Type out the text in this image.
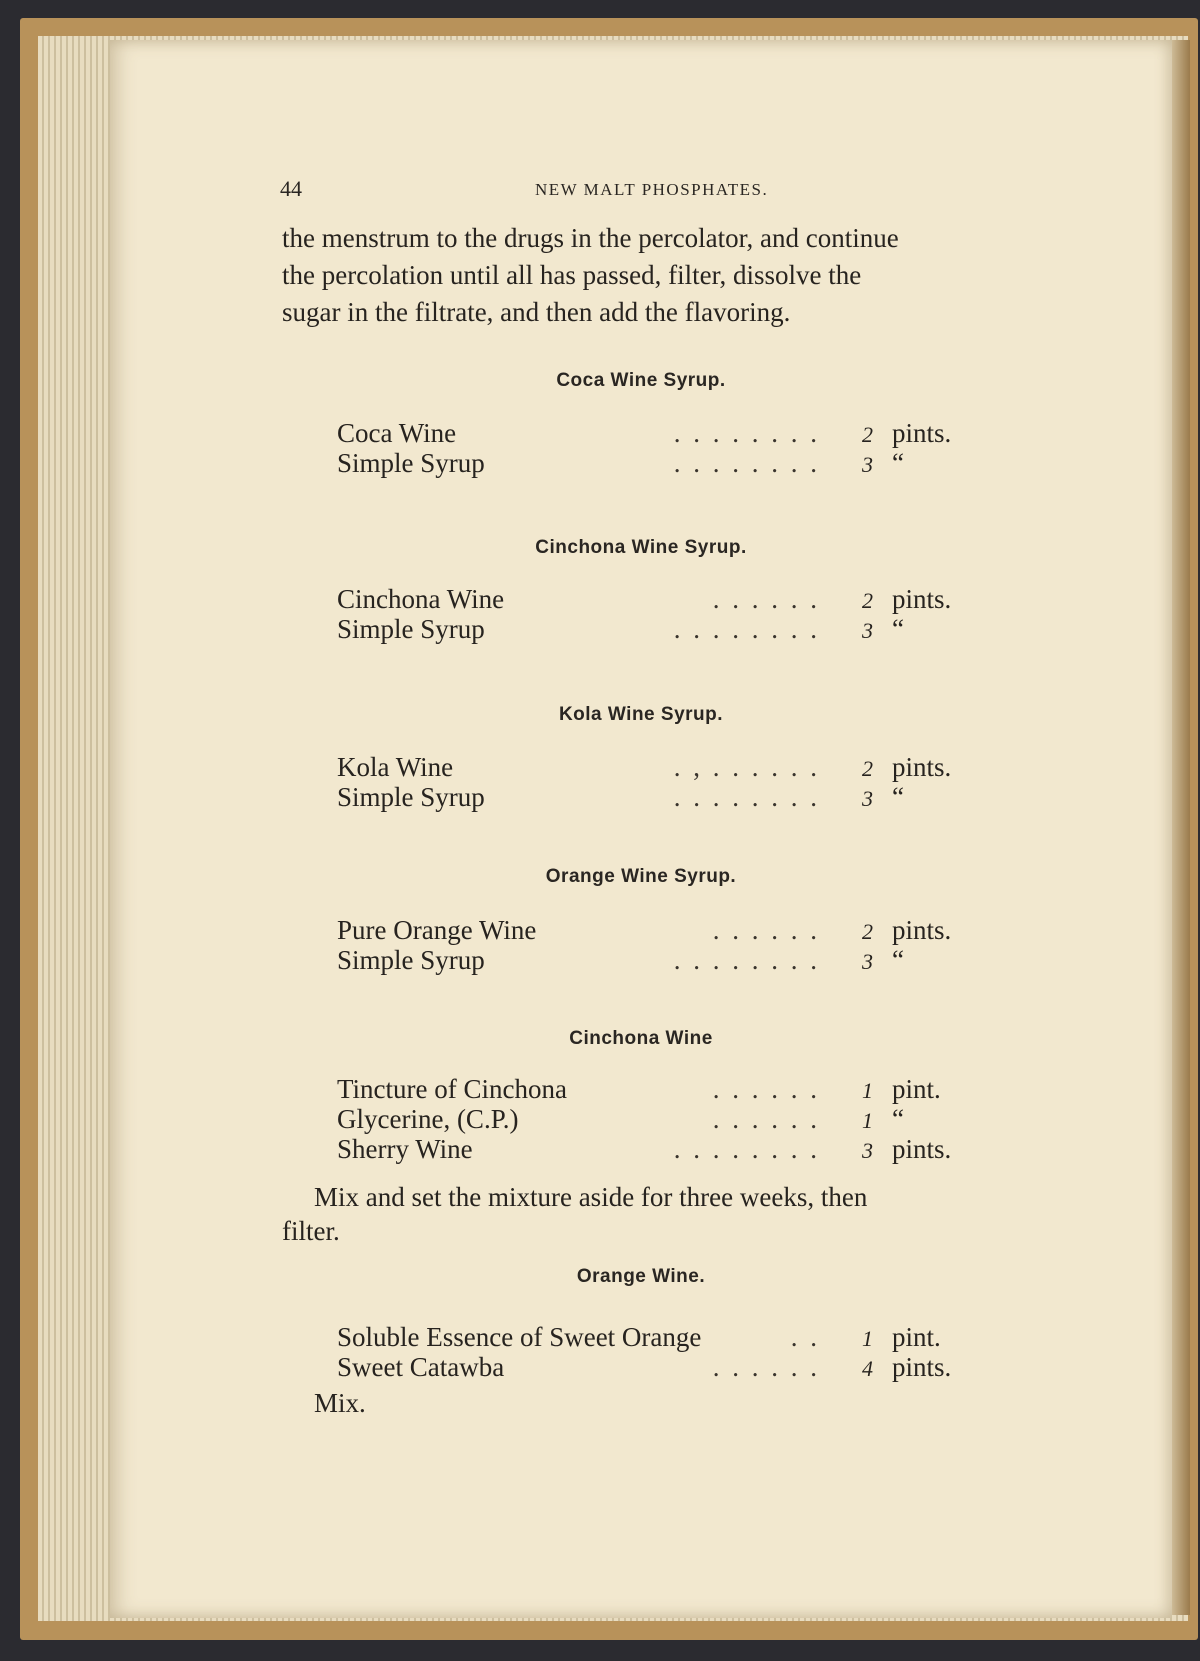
44	NEW MALT PHOSPHATES.
the menstrum to the drugs in the percolator, and continue
the percolation until all has passed, filter, dissolve the
sugar in the filtrate, and then add the flavoring.
Coca Wine Syrup.
Coca Wine	. . . . . . . . 2 pints.
Simple Syrup	. . . . . . . . 3 “
Cinchona Wine Syrup.
Cinchona Wine	. . . . . . 2 pints.
Simple Syrup	. . . . . . . . 3 “
Kola Wine Syrup.
Kola Wine	. , . . . . . . 2 pints.
Simple Syrup	. . . . . . . . 3 “
Orange Wine Syrup.
Pure Orange Wine	. . . . . . 2 pints.
Simple Syrup	. . . . . . . . 3 “
Cinchona Wine
Tincture of Cinchona	. . . . . . 1 pint.
Glycerine, (C.P.)	. . . . . . 1 “
Sherry Wine	. . . . . . . . 3 pints.
Mix and set the mixture aside for three weeks, then
filter.
Orange Wine.
Soluble Essence of Sweet Orange	. . 1 pint.
Sweet Catawba	. . . . . . 4 pints.
Mix.
